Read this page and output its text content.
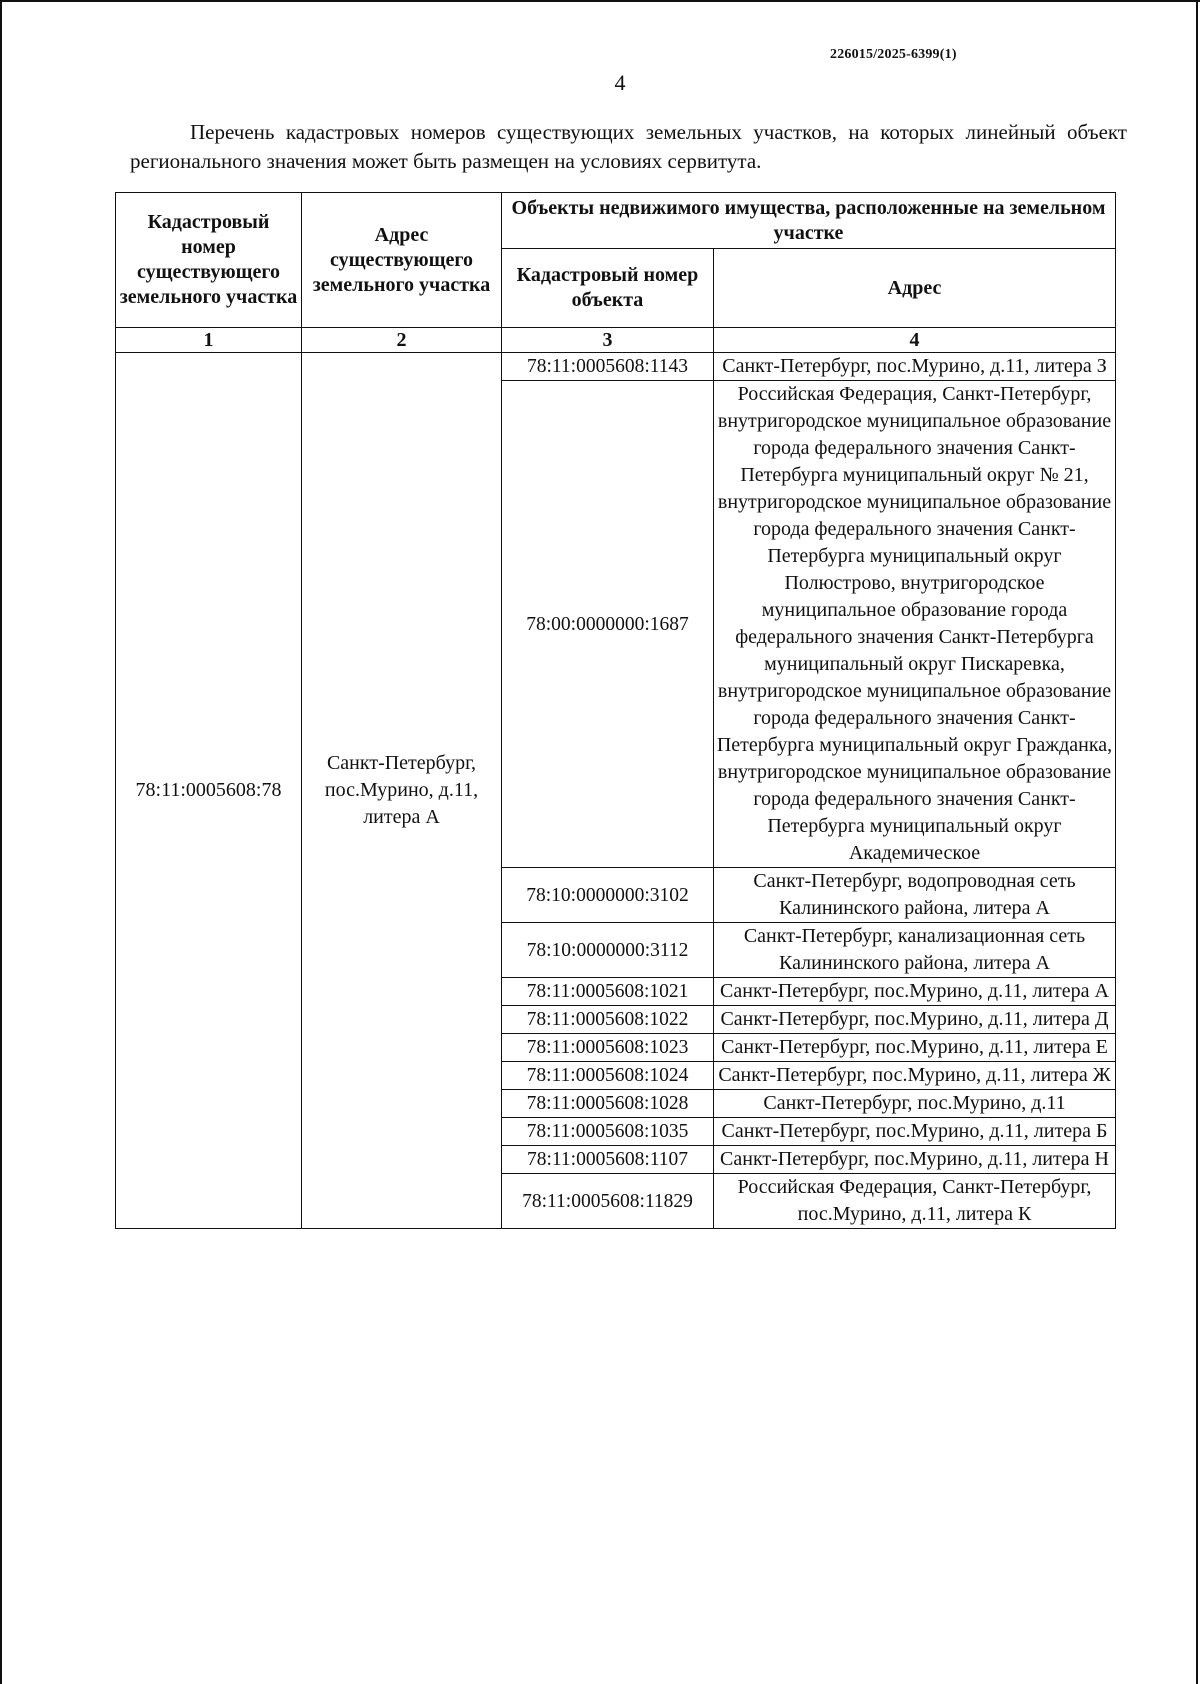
226015/2025-6399(1)
4

Перечень кадастровых номеров существующих земельных участков, на которых линейный объект регионального значения может быть размещен на условиях сервитута.

Кадастровый номер существующего земельного участка	Адрес существующего земельного участка	Объекты недвижимого имущества, расположенные на земельном участке	
		Кадастровый номер объекта	Адрес
1	2	3	4
78:11:0005608:78	Санкт-Петербург, пос.Мурино, д.11, литера А	78:11:0005608:1143	Санкт-Петербург, пос.Мурино, д.11, литера З
		78:00:0000000:1687	Российская Федерация, Санкт-Петербург, внутригородское муниципальное образование города федерального значения Санкт-Петербурга муниципальный округ № 21, внутригородское муниципальное образование города федерального значения Санкт-Петербурга муниципальный округ Полюстрово, внутригородское муниципальное образование города федерального значения Санкт-Петербурга муниципальный округ Пискаревка, внутригородское муниципальное образование города федерального значения Санкт-Петербурга муниципальный округ Гражданка, внутригородское муниципальное образование города федерального значения Санкт-Петербурга муниципальный округ Академическое
		78:10:0000000:3102	Санкт-Петербург, водопроводная сеть Калининского района, литера А
		78:10:0000000:3112	Санкт-Петербург, канализационная сеть Калининского района, литера А
		78:11:0005608:1021	Санкт-Петербург, пос.Мурино, д.11, литера А
		78:11:0005608:1022	Санкт-Петербург, пос.Мурино, д.11, литера Д
		78:11:0005608:1023	Санкт-Петербург, пос.Мурино, д.11, литера Е
		78:11:0005608:1024	Санкт-Петербург, пос.Мурино, д.11, литера Ж
		78:11:0005608:1028	Санкт-Петербург, пос.Мурино, д.11
		78:11:0005608:1035	Санкт-Петербург, пос.Мурино, д.11, литера Б
		78:11:0005608:1107	Санкт-Петербург, пос.Мурино, д.11, литера Н
		78:11:0005608:11829	Российская Федерация, Санкт-Петербург, пос.Мурино, д.11, литера К
